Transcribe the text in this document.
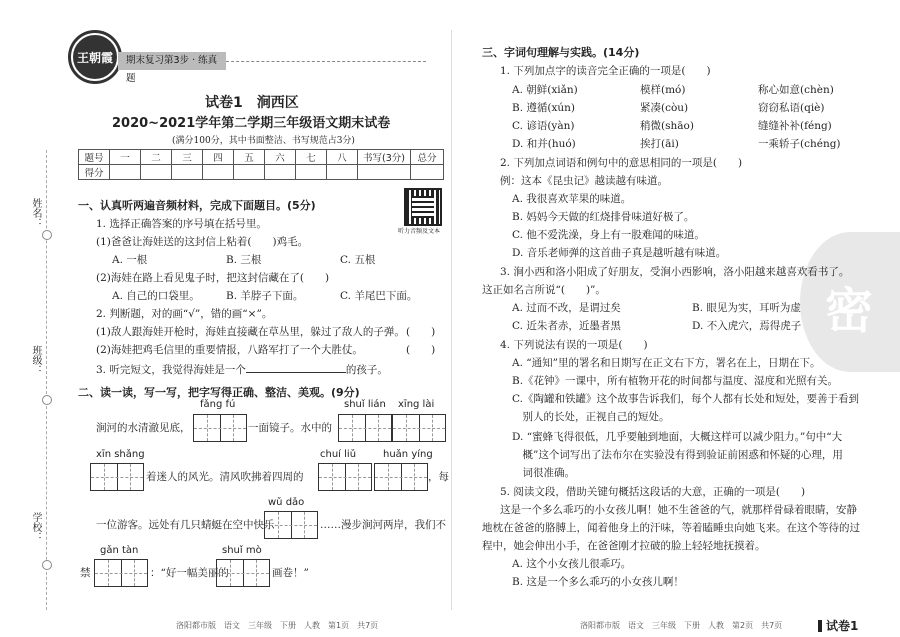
王朝霞	期末复习第3步 · 练真题
姓名：
班级：
学校：
试卷1　涧西区
2020~2021学年第二学期三年级语文期末试卷
(满分100分，其中书面整洁、书写规范占3分)
题号	一	二	三	四	五	六	七	八	书写(3分)	总分
得分										
一、认真听两遍音频材料，完成下面题目。(5分)
听力音频及文本
1. 选择正确答案的序号填在括号里。
(1)爸爸让海娃送的这封信上粘着(　　)鸡毛。
A. 一根	B. 三根	C. 五根
(2)海娃在路上看见鬼子时，把这封信藏在了(　　)
A. 自己的口袋里。 B. 羊脖子下面。	C. 羊尾巴下面。
2. 判断题，对的画“√”，错的画“×”。
(1)敌人跟海娃开枪时，海娃直接藏在草丛里，躲过了敌人的子弹。 (　　)
(2)海娃把鸡毛信里的重要情报，八路军打了一个大胜仗。	(　　)
3. 听完短文，我觉得海娃是一个	的孩子。
二、读一读，写一写，把字写得正确、整洁、美观。(9分)
fǎng fú	shuǐ lián xīng lài
涧河的水清澈见底，	一面镜子。水中的
xīn shǎng	chuí liǔ	huǎn yíng
着迷人的风光。清风吹拂着四周的	，每
wǔ dǎo
一位游客。远处有几只蜻蜓在空中快乐	……漫步涧河两岸，我们不
gǎn tàn	shuǐ mò
禁	：“好一幅美丽的	画卷！”
洛阳都市版　语文　三年级　下册　人教　第1页　共7页
密
三、字词句理解与实践。(14分)
1. 下列加点字的读音完全正确的一项是(　　)
A. 朝鲜(xiǎn)	模样(mó)	称心如意(chèn)
B. 遵循(xún)	紧凑(còu)	窃窃私语(qiè)
C. 谚语(yàn)	稍微(shāo)	缝缝补补(féng)
D. 和并(huó)	挨打(āi)	一乘轿子(chéng)
2. 下列加点词语和例句中的意思相同的一项是(　　)
例：这本《昆虫记》越读越有味道。
A. 我很喜欢苹果的味道。
B. 妈妈今天做的红烧排骨味道好极了。
C. 他不爱洗澡，身上有一股难闻的味道。
D. 音乐老师弹的这首曲子真是越听越有味道。
3. 涧小西和洛小阳成了好朋友，受涧小西影响，洛小阳越来越喜欢看书了。
这正如名言所说“(　　)”。
A. 过而不改，是谓过矣	B. 眼见为实，耳听为虚
C. 近朱者赤，近墨者黑	D. 不入虎穴，焉得虎子
4. 下列说法有误的一项是(　　)
A. “通知”里的署名和日期写在正文右下方，署名在上，日期在下。
B.《花钟》一课中，所有植物开花的时间都与温度、湿度和光照有关。
C.《陶罐和铁罐》这个故事告诉我们，每个人都有长处和短处，要善于看到
　别人的长处，正视自己的短处。
D. “蜜蜂飞得很低，几乎要触到地面，大概这样可以减少阻力。”句中“大
　概”这个词写出了法布尔在实验没有得到验证前困惑和怀疑的心理，用
　词很准确。
5. 阅读文段，借助关键句概括这段话的大意，正确的一项是(　　)
这是一个多么乖巧的小女孩儿啊！她不生爸爸的气，就那样骨碌着眼睛，安静
地枕在爸爸的胳膊上，闻着他身上的汗味，等着瞌睡虫向她飞来。在这个等待的过
程中，她会伸出小手，在爸爸刚才拉破的脸上轻轻地抚摸着。
A. 这个小女孩儿很乖巧。
B. 这是一个多么乖巧的小女孩儿啊！
洛阳都市版　语文　三年级　下册　人教　第2页　共7页	试卷1
